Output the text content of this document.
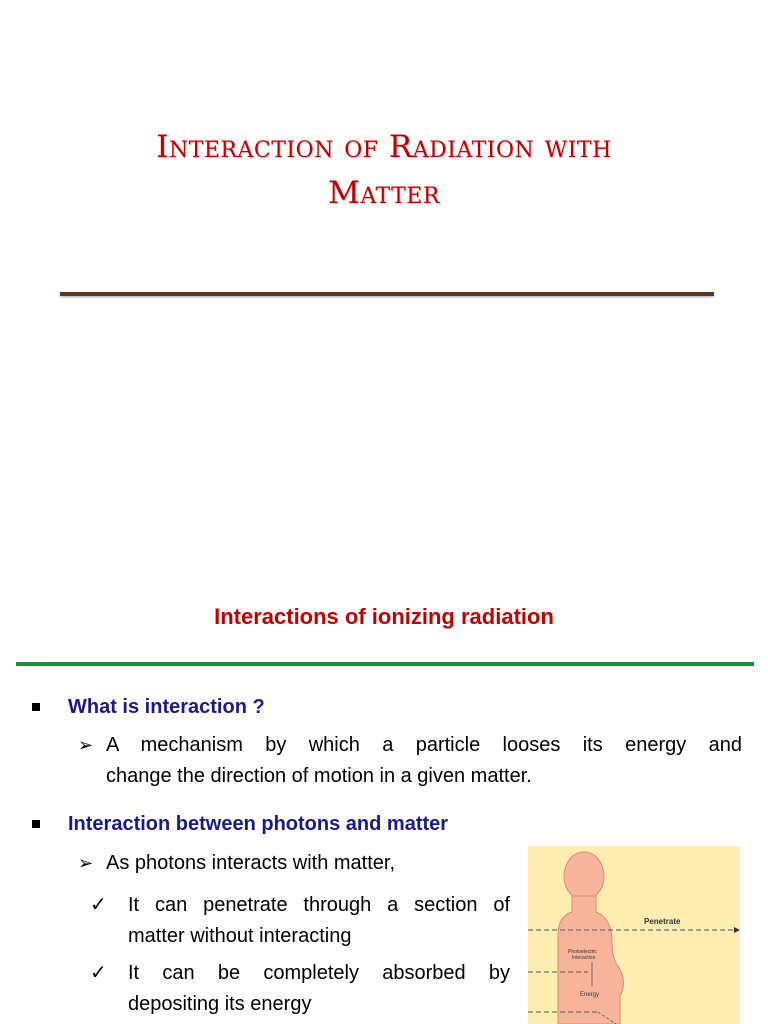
Interaction of Radiation with
Matter
Interactions of ionizing radiation
What is interaction ?
➢ A mechanism by which a particle looses its energy and
change the direction of motion in a given matter.
Interaction between photons and matter
➢ As photons interacts with matter,
✓ It can penetrate through a section of
matter without interacting
✓ It can be completely absorbed by
depositing its energy
Penetrate
Photoelectric
Interaction
Energy
